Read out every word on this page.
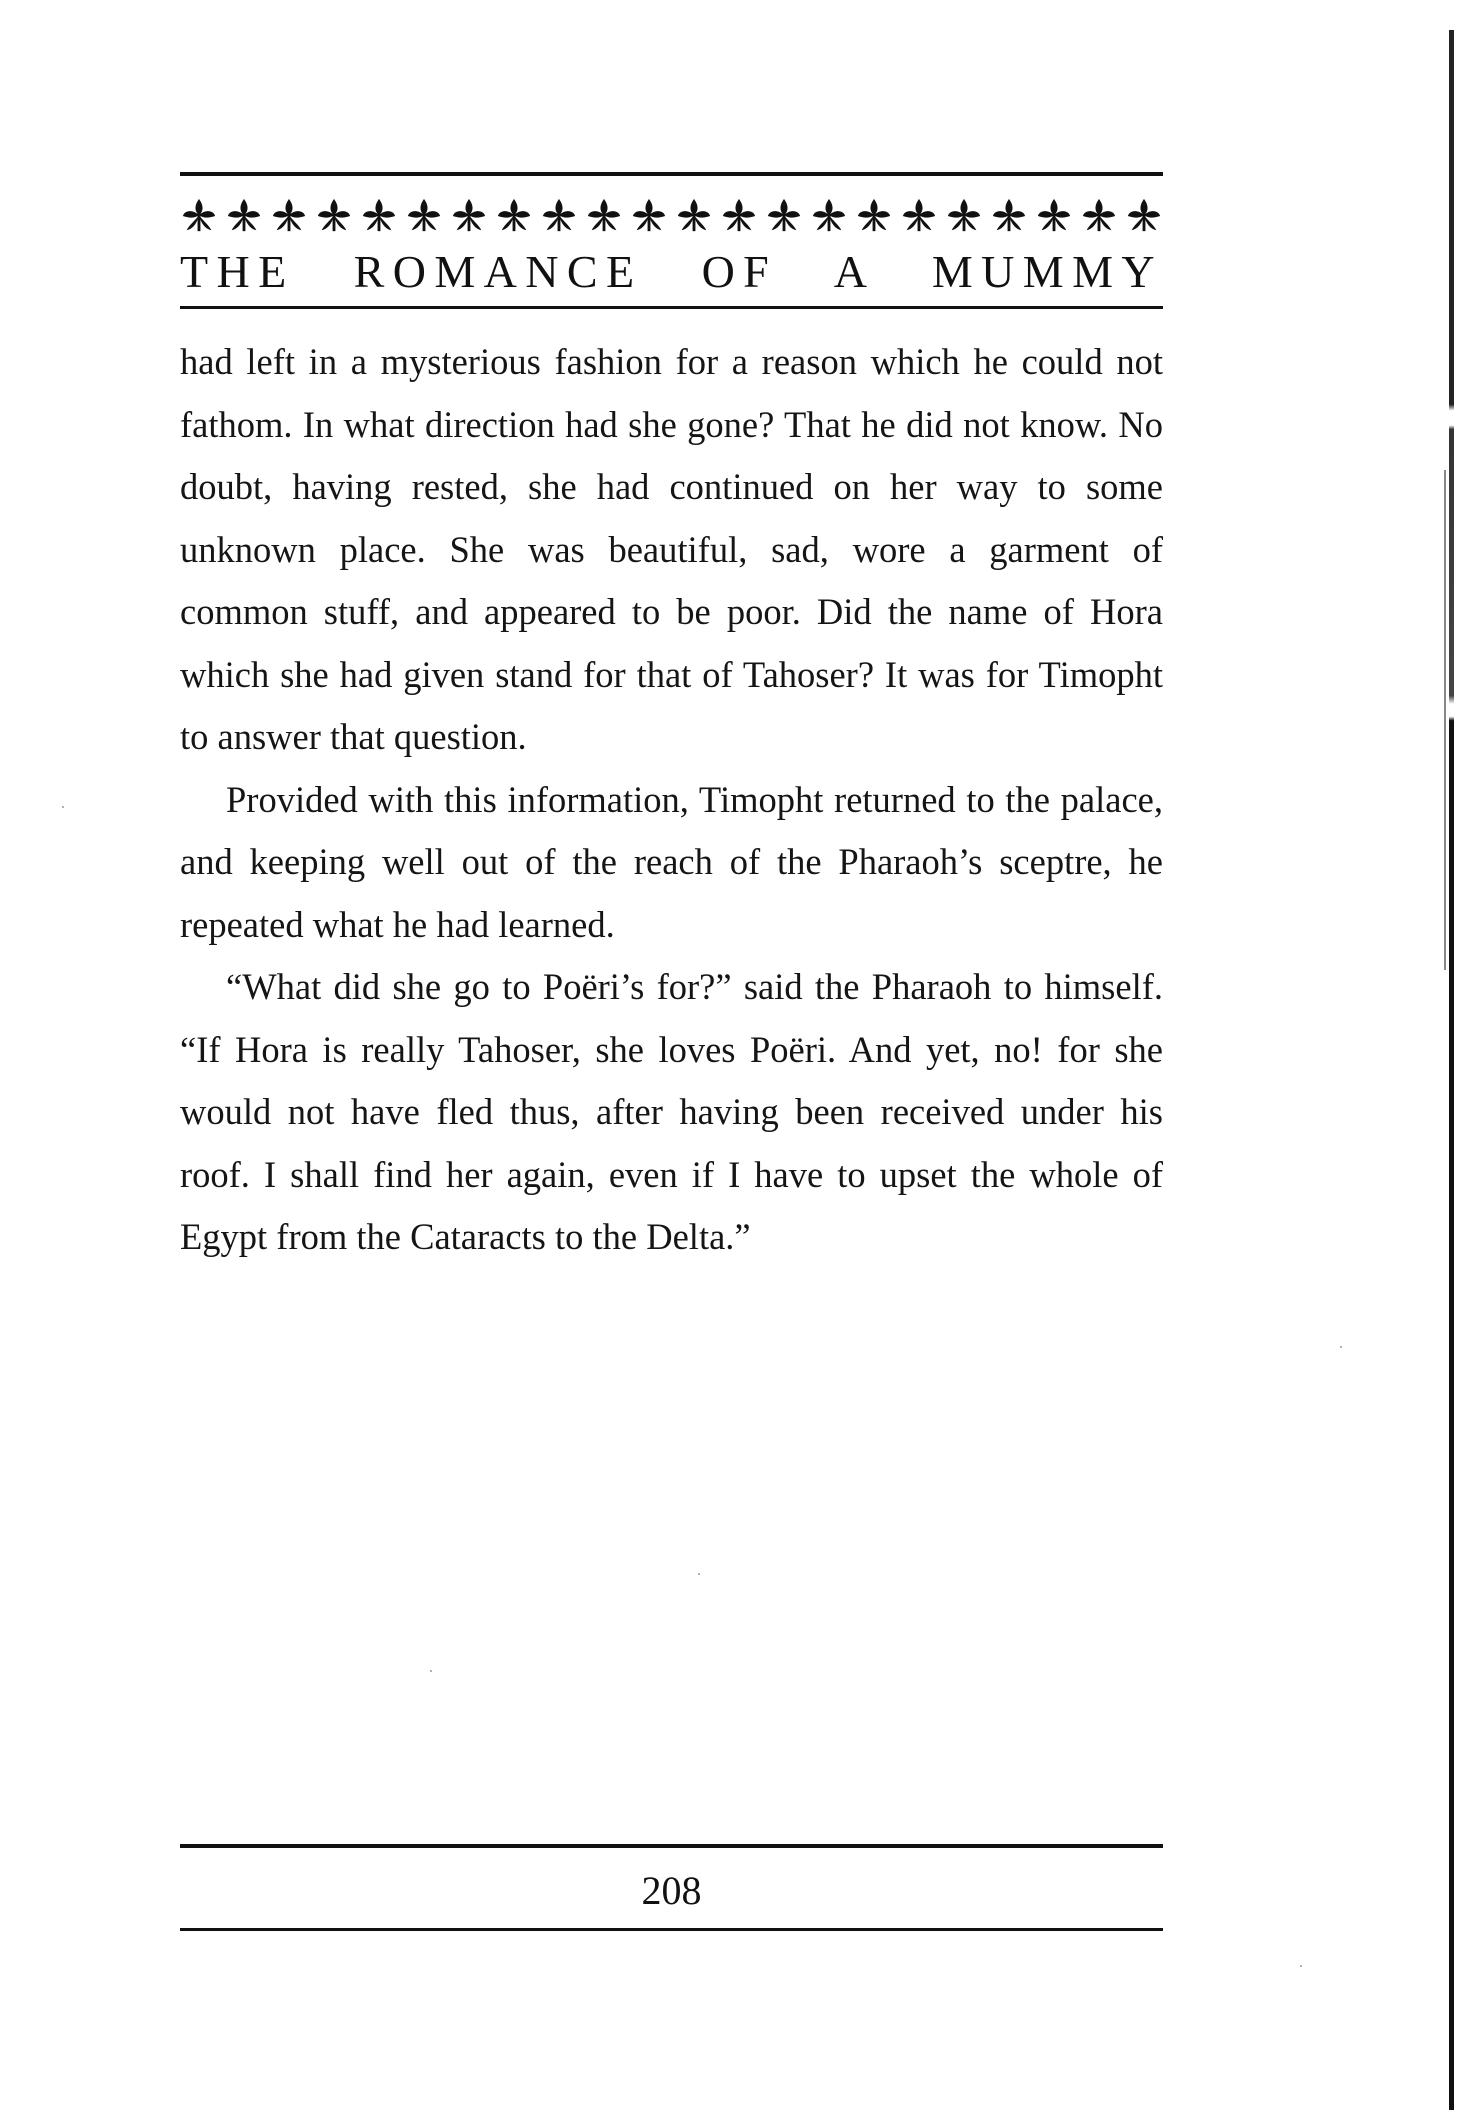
THE ROMANCE OF A MUMMY

had left in a mysterious fashion for a reason which he could not fathom. In what direction had she gone? That he did not know. No doubt, having rested, she had continued on her way to some unknown place. She was beautiful, sad, wore a garment of common stuff, and appeared to be poor. Did the name of Hora which she had given stand for that of Tahoser? It was for Timopht to answer that question.

Provided with this information, Timopht returned to the palace, and keeping well out of the reach of the Pharaoh’s sceptre, he repeated what he had learned.

“What did she go to Poëri’s for?” said the Pharaoh to himself. “If Hora is really Tahoser, she loves Poëri. And yet, no! for she would not have fled thus, after having been received under his roof. I shall find her again, even if I have to upset the whole of Egypt from the Cataracts to the Delta.”

208
